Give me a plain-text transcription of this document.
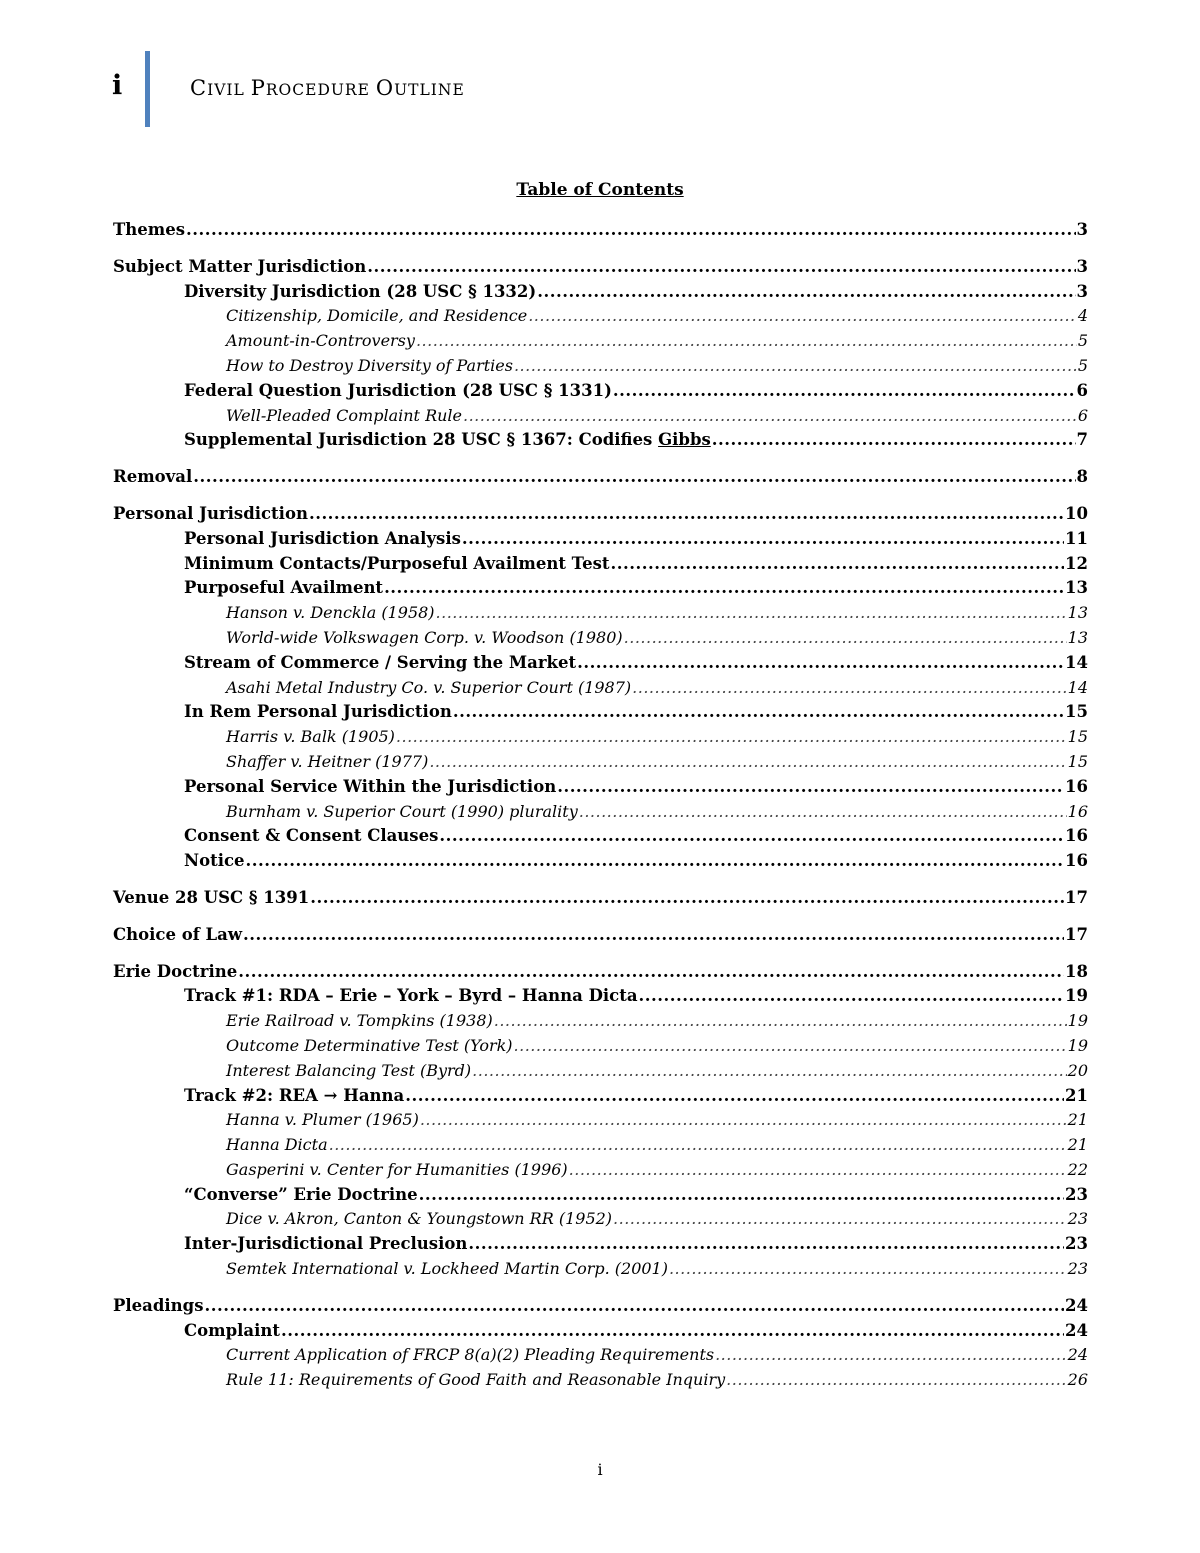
i	CIVIL PROCEDURE OUTLINE
Table of Contents
Themes .....	3
Subject Matter Jurisdiction .....	3
Diversity Jurisdiction (28 USC § 1332) .....	3
Citizenship, Domicile, and Residence .....	4
Amount-in-Controversy .....	5
How to Destroy Diversity of Parties .....	5
Federal Question Jurisdiction (28 USC § 1331) .....	6
Well-Pleaded Complaint Rule .....	6
Supplemental Jurisdiction 28 USC § 1367: Codifies Gibbs .....	7
Removal .....	8
Personal Jurisdiction .....	10
Personal Jurisdiction Analysis .....	11
Minimum Contacts/Purposeful Availment Test .....	12
Purposeful Availment .....	13
Hanson v. Denckla (1958) .....	13
World-wide Volkswagen Corp. v. Woodson (1980) .....	13
Stream of Commerce / Serving the Market .....	14
Asahi Metal Industry Co. v. Superior Court (1987) .....	14
In Rem Personal Jurisdiction .....	15
Harris v. Balk (1905) .....	15
Shaffer v. Heitner (1977) .....	15
Personal Service Within the Jurisdiction .....	16
Burnham v. Superior Court (1990) plurality .....	16
Consent & Consent Clauses .....	16
Notice .....	16
Venue 28 USC § 1391 .....	17
Choice of Law .....	17
Erie Doctrine .....	18
Track #1: RDA – Erie – York – Byrd – Hanna Dicta .....	19
Erie Railroad v. Tompkins (1938) .....	19
Outcome Determinative Test (York) .....	19
Interest Balancing Test (Byrd) .....	20
Track #2: REA → Hanna .....	21
Hanna v. Plumer (1965) .....	21
Hanna Dicta .....	21
Gasperini v. Center for Humanities (1996) .....	22
“Converse” Erie Doctrine .....	23
Dice v. Akron, Canton & Youngstown RR (1952) .....	23
Inter-Jurisdictional Preclusion .....	23
Semtek International v. Lockheed Martin Corp. (2001) .....	23
Pleadings .....	24
Complaint .....	24
Current Application of FRCP 8(a)(2) Pleading Requirements .....	24
Rule 11: Requirements of Good Faith and Reasonable Inquiry .....	26
i
